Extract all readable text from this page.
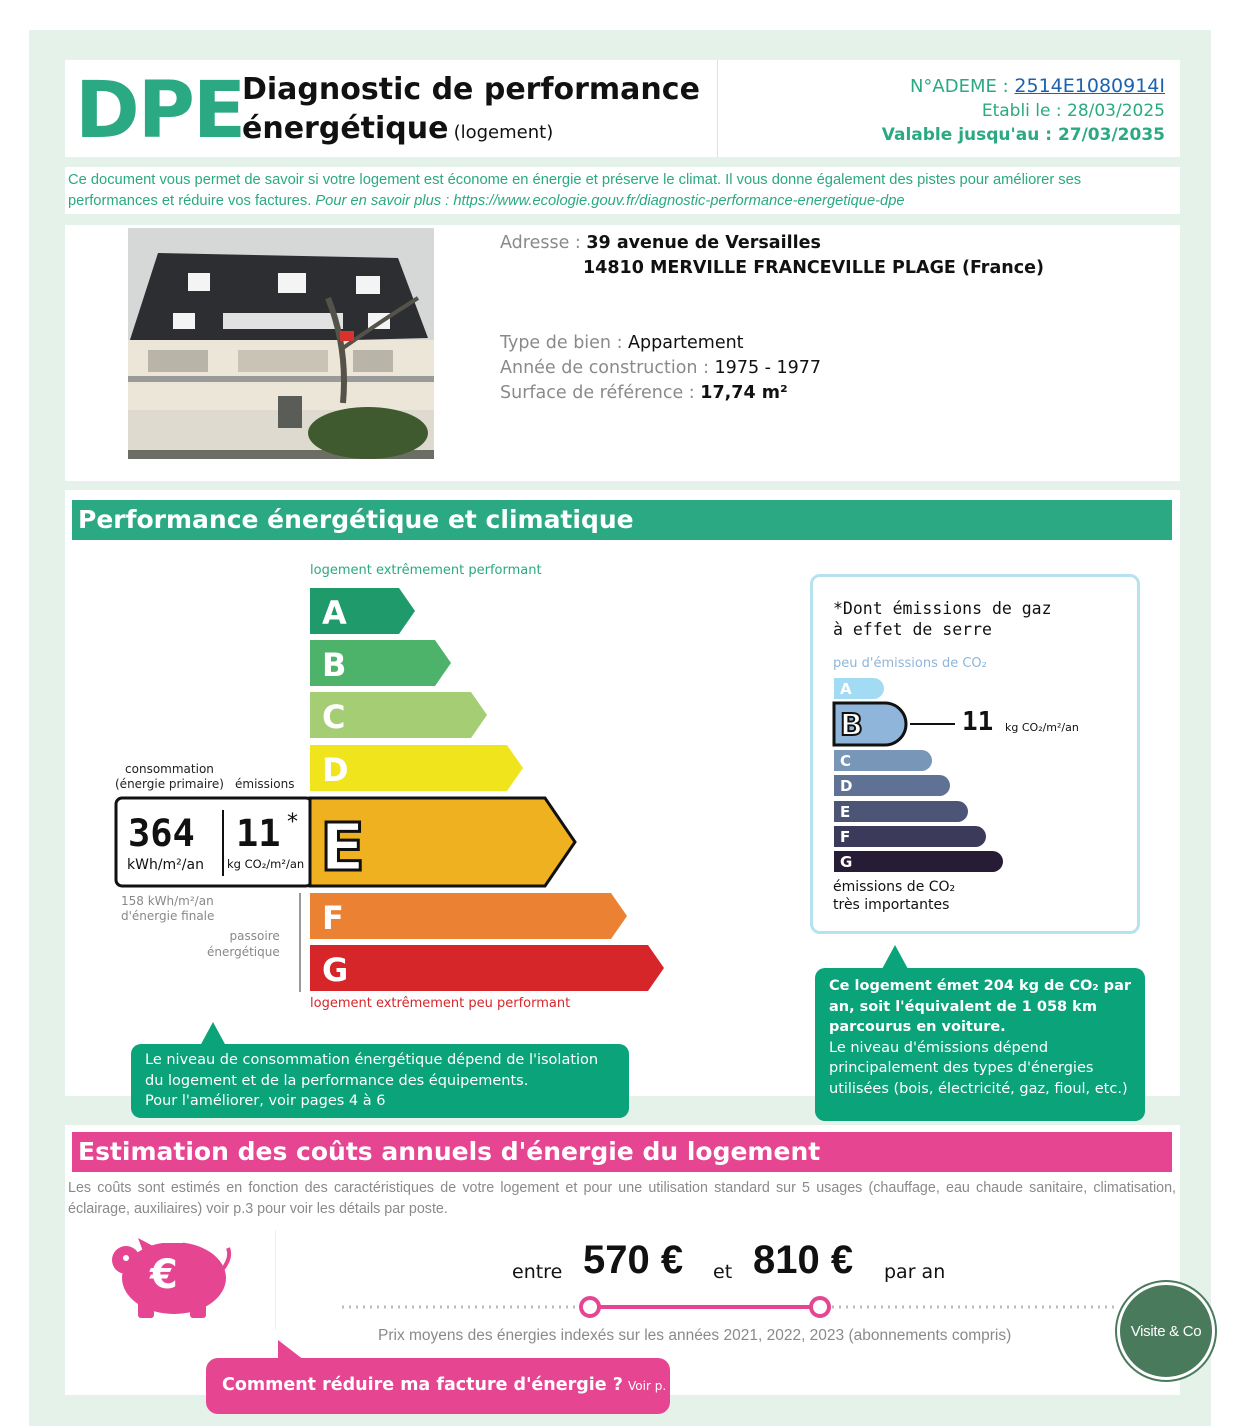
DPE
Diagnostic de performance
énergétique (logement)
N°ADEME : 2514E1080914I
Etabli le : 28/03/2025
Valable jusqu'au : 27/03/2035
Ce document vous permet de savoir si votre logement est économe en énergie et préserve le climat. Il vous donne également des pistes pour améliorer ses performances et réduire vos factures. Pour en savoir plus : https://www.ecologie.gouv.fr/diagnostic-performance-energetique-dpe
Adresse : 39 avenue de Versailles
14810 MERVILLE FRANCEVILLE PLAGE (France)
Type de bien : Appartement
Année de construction : 1975 - 1977
Surface de référence : 17,74 m²
Performance énergétique et climatique
logement extrêmement performant
logement extrêmement peu performant
A
B
C
D
E
F
G
consommation
(énergie primaire) émissions
364
kWh/m²/an
11 *
kg CO₂/m²/an
158 kWh/m²/an
d'énergie finale
passoire
énergétique
*Dont émissions de gaz
à effet de serre
peu d'émissions de CO₂
A
B
C
D
E
F
G
11 kg CO₂/m²/an
émissions de CO₂
très importantes
Le niveau de consommation énergétique dépend de l'isolation du logement et de la performance des équipements.
Pour l'améliorer, voir pages 4 à 6
Ce logement émet 204 kg de CO₂ par an, soit l'équivalent de 1 058 km parcourus en voiture.
Le niveau d'émissions dépend principalement des types d'énergies utilisées (bois, électricité, gaz, fioul, etc.)
Estimation des coûts annuels d'énergie du logement
Les coûts sont estimés en fonction des caractéristiques de votre logement et pour une utilisation standard sur 5 usages (chauffage, eau chaude sanitaire, climatisation, éclairage, auxiliaires) voir p.3 pour voir les détails par poste.
€	entre 570 € et 810 € par an
Prix moyens des énergies indexés sur les années 2021, 2022, 2023 (abonnements compris)
Comment réduire ma facture d'énergie ? Voir p. 3
Visite & Co
